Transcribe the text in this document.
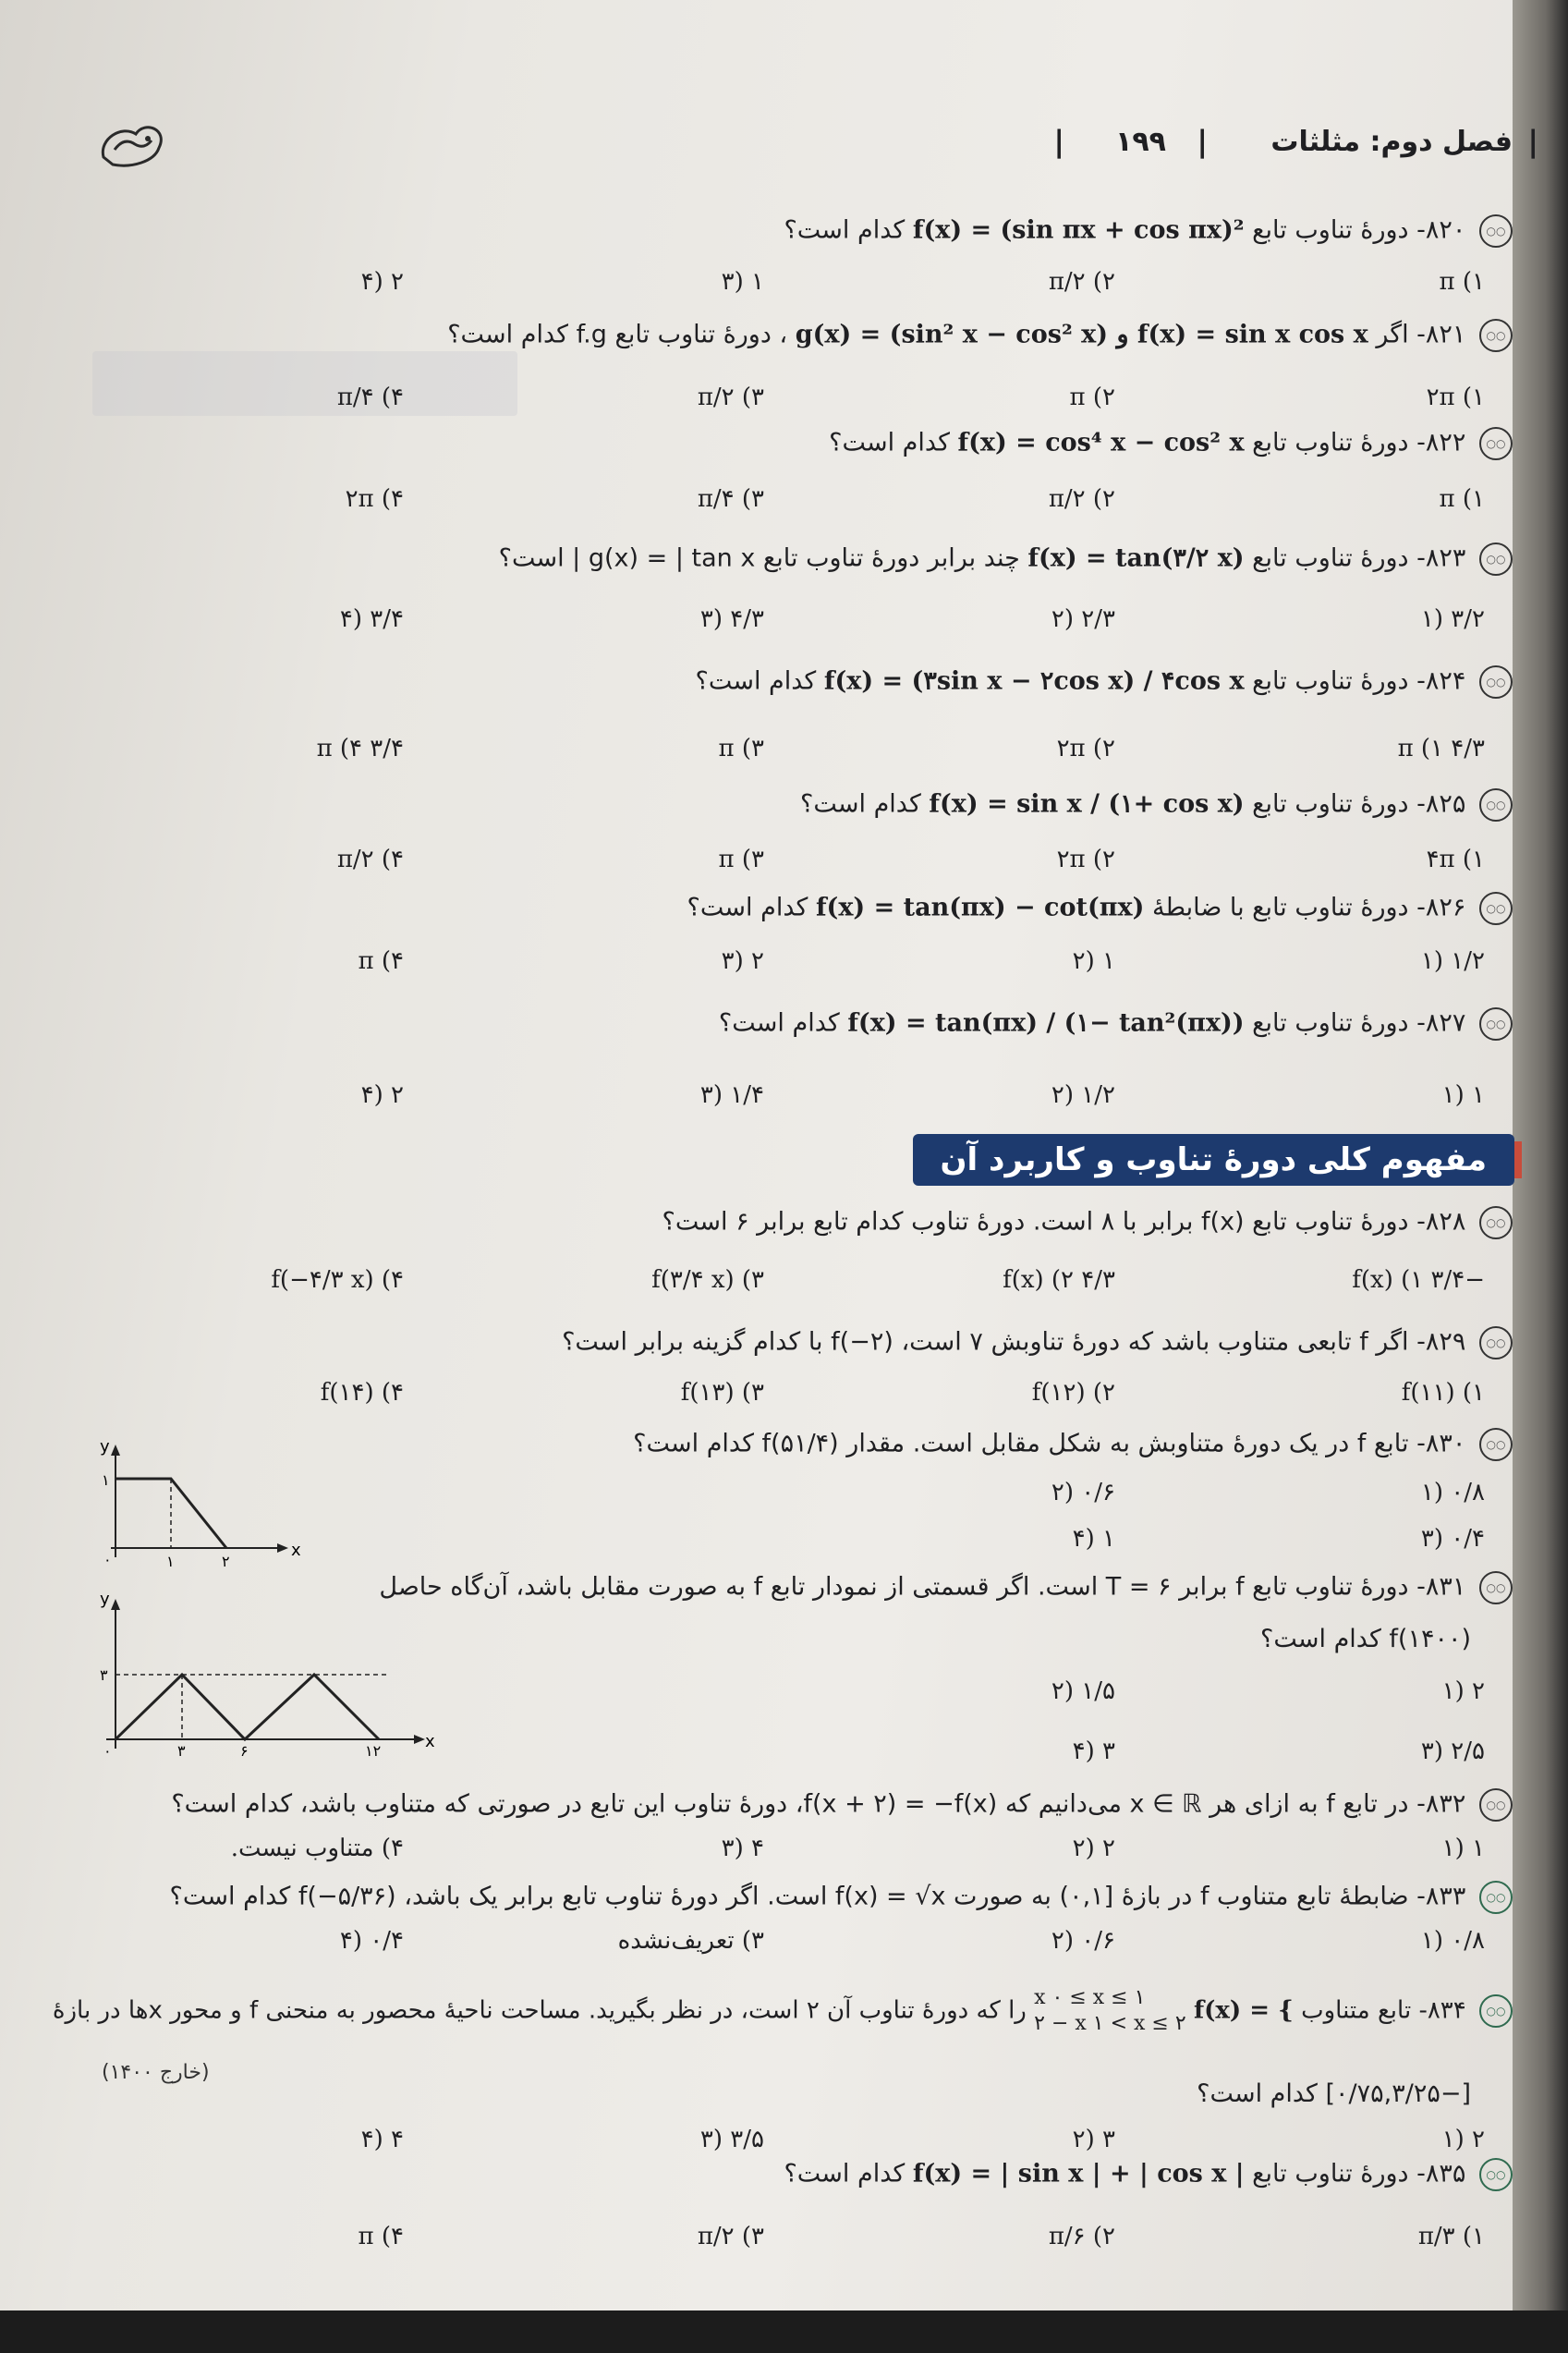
|
فصل دوم: مثلثات
|
۱۹۹
|
○○ ۸۲۰- دورهٔ تناوب تابع f(x) = (sin πx + cos πx)² کدام است؟
π (۱
π/۲ (۲
۱ (۳
۲ (۴
○○ ۸۲۱- اگر g(x) = (sin² x − cos² x) و f(x) = sin x cos x ، دورهٔ تناوب تابع f.g کدام است؟
۲π (۱
π (۲
π/۲ (۳
π/۴ (۴
○○ ۸۲۲- دورهٔ تناوب تابع f(x) = cos⁴ x − cos² x کدام است؟
π (۱
π/۲ (۲
π/۴ (۳
۲π (۴
○○ ۸۲۳- دورهٔ تناوب تابع f(x) = tan(۳/۲ x) چند برابر دورهٔ تناوب تابع g(x) = | tan x | است؟
۳/۲ (۱
۲/۳ (۲
۴/۳ (۳
۳/۴ (۴
○○ ۸۲۴- دورهٔ تناوب تابع f(x) = (۳sin x − ۲cos x) / ۴cos x کدام است؟
۴/۳ π (۱
۲π (۲
π (۳
۳/۴ π (۴
○○ ۸۲۵- دورهٔ تناوب تابع f(x) = sin x / (۱+ cos x) کدام است؟
۴π (۱
۲π (۲
π (۳
π/۲ (۴
○○ ۸۲۶- دورهٔ تناوب تابع با ضابطهٔ f(x) = tan(πx) − cot(πx) کدام است؟
۱/۲ (۱
۱ (۲
۲ (۳
π (۴
○○ ۸۲۷- دورهٔ تناوب تابع f(x) = tan(πx) / (۱− tan²(πx)) کدام است؟
۱ (۱
۱/۲ (۲
۱/۴ (۳
۲ (۴
مفهوم کلی دورهٔ تناوب و کاربرد آن
○○ ۸۲۸- دورهٔ تناوب تابع f(x) برابر با ۸ است. دورهٔ تناوب کدام تابع برابر ۶ است؟
−۳/۴ f(x) (۱
۴/۳ f(x) (۲
f(۳/۴ x) (۳
f(−۴/۳ x) (۴
○○ ۸۲۹- اگر f تابعی متناوب باشد که دورهٔ تناوبش ۷ است، f(−۲) با کدام گزینه برابر است؟
f(۱۱) (۱
f(۱۲) (۲
f(۱۳) (۳
f(۱۴) (۴
○○ ۸۳۰- تابع f در یک دورهٔ متناوبش به شکل مقابل است. مقدار f(۵۱/۴) کدام است؟
۰/۸ (۱
۰/۶ (۲
۰/۴ (۳
۱ (۴
y
x
۱
۰	۱	۲
○○ ۸۳۱- دورهٔ تناوب تابع f برابر T = ۶ است. اگر قسمتی از نمودار تابع f به صورت مقابل باشد، آن‌گاه حاصل
f(۱۴۰۰) کدام است؟
۲ (۱
۱/۵ (۲
۲/۵ (۳
۳ (۴
y
x
۳
۰	۳	۶	۱۲
○○ ۸۳۲- در تابع f به ازای هر x ∈ ℝ می‌دانیم که f(x + ۲) = −f(x)، دورهٔ تناوب این تابع در صورتی که متناوب باشد، کدام است؟
۱ (۱
۲ (۲
۴ (۳
۴) متناوب نیست.
○○ ۸۳۳- ضابطهٔ تابع متناوب f در بازهٔ [۰,۱) به صورت f(x) = √x است. اگر دورهٔ تناوب تابع برابر یک باشد، f(−۵/۳۶) کدام است؟
۰/۸ (۱
۰/۶ (۲
۳) تعریف‌نشده
۰/۴ (۴
○○ ۸۳۴- تابع متناوب f(x) = {
x ۰ ≤ x ≤ ۱
۲ − x ۱ < x ≤ ۲
را که دورهٔ تناوب آن ۲ است، در نظر بگیرید. مساحت ناحیهٔ محصور به منحنی f و محور xها در بازهٔ
[−۰/۷۵,۳/۲۵] کدام است؟
(خارج ۱۴۰۰)
۲ (۱
۳ (۲
۳/۵ (۳
۴ (۴
○○ ۸۳۵- دورهٔ تناوب تابع f(x) = | sin x | + | cos x | کدام است؟
π/۳ (۱
π/۶ (۲
π/۲ (۳
π (۴
